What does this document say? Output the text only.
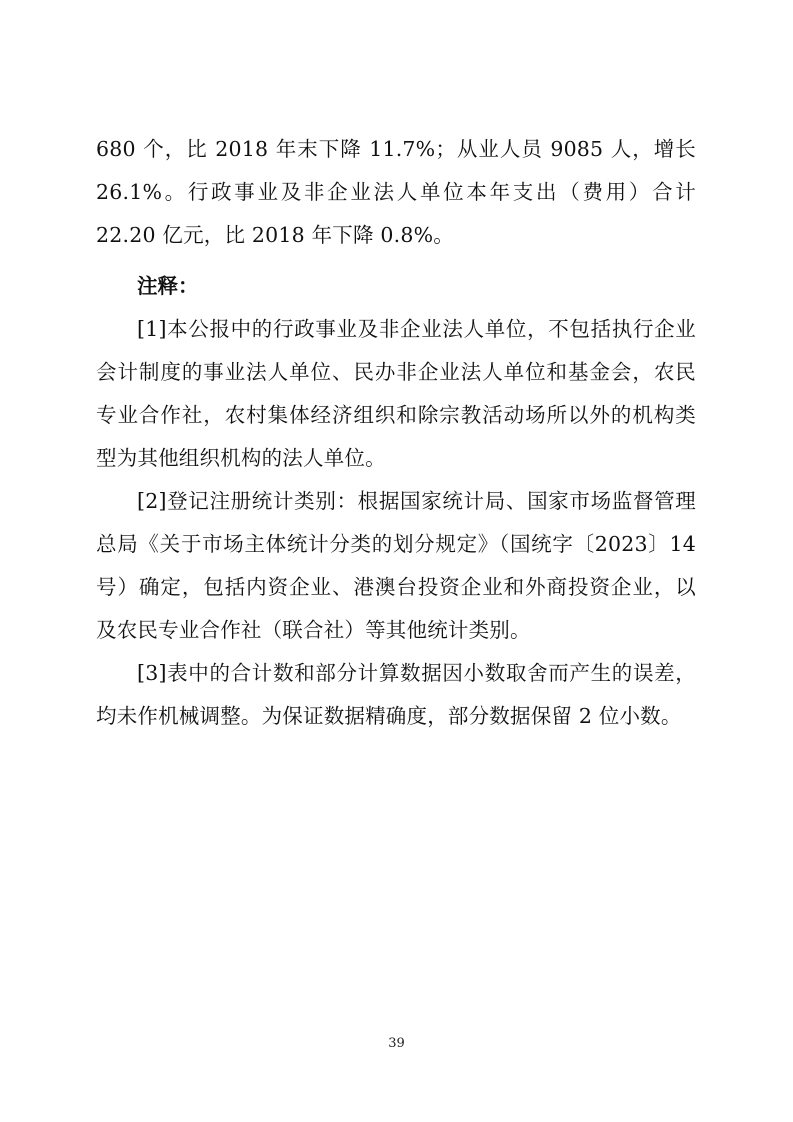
680 个，比 2018 年末下降 11.7%；从业人员 9085 人，增长 26.1%。行政事业及非企业法人单位本年支出（费用）合计 22.20 亿元，比 2018 年下降 0.8%。

注释：

[1]本公报中的行政事业及非企业法人单位，不包括执行企业会计制度的事业法人单位、民办非企业法人单位和基金会，农民专业合作社，农村集体经济组织和除宗教活动场所以外的机构类型为其他组织机构的法人单位。

[2]登记注册统计类别：根据国家统计局、国家市场监督管理总局《关于市场主体统计分类的划分规定》（国统字〔2023〕14 号）确定，包括内资企业、港澳台投资企业和外商投资企业，以及农民专业合作社（联合社）等其他统计类别。

[3]表中的合计数和部分计算数据因小数取舍而产生的误差，均未作机械调整。为保证数据精确度，部分数据保留 2 位小数。

39
